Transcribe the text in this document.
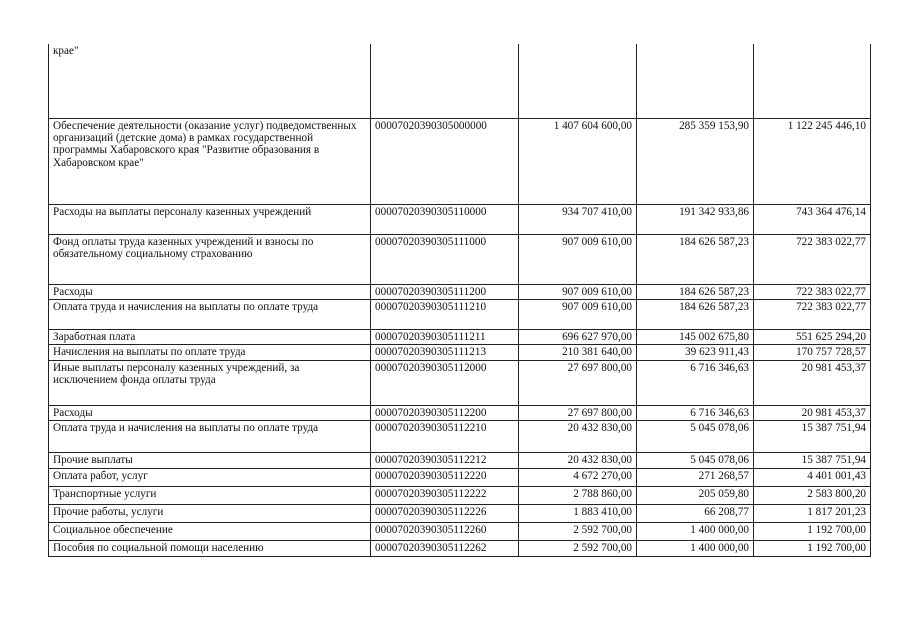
крае"				
Обеспечение деятельности (оказание услуг) подведомственных организаций (детские дома) в рамках государственной программы Хабаровского края "Развитие образования в Хабаровском крае"	00007020390305000000	1 407 604 600,00	285 359 153,90	1 122 245 446,10
Расходы на выплаты персоналу казенных учреждений	00007020390305110000	934 707 410,00	191 342 933,86	743 364 476,14
Фонд оплаты труда казенных учреждений и взносы по обязательному социальному страхованию	00007020390305111000	907 009 610,00	184 626 587,23	722 383 022,77
Расходы	00007020390305111200	907 009 610,00	184 626 587,23	722 383 022,77
Оплата труда и начисления на выплаты по оплате труда	00007020390305111210	907 009 610,00	184 626 587,23	722 383 022,77
Заработная плата	00007020390305111211	696 627 970,00	145 002 675,80	551 625 294,20
Начисления на выплаты по оплате труда	00007020390305111213	210 381 640,00	39 623 911,43	170 757 728,57
Иные выплаты персоналу казенных учреждений, за исключением фонда оплаты труда	00007020390305112000	27 697 800,00	6 716 346,63	20 981 453,37
Расходы	00007020390305112200	27 697 800,00	6 716 346,63	20 981 453,37
Оплата труда и начисления на выплаты по оплате труда	00007020390305112210	20 432 830,00	5 045 078,06	15 387 751,94
Прочие выплаты	00007020390305112212	20 432 830,00	5 045 078,06	15 387 751,94
Оплата работ, услуг	00007020390305112220	4 672 270,00	271 268,57	4 401 001,43
Транспортные услуги	00007020390305112222	2 788 860,00	205 059,80	2 583 800,20
Прочие работы, услуги	00007020390305112226	1 883 410,00	66 208,77	1 817 201,23
Социальное обеспечение	00007020390305112260	2 592 700,00	1 400 000,00	1 192 700,00
Пособия по социальной помощи населению	00007020390305112262	2 592 700,00	1 400 000,00	1 192 700,00
